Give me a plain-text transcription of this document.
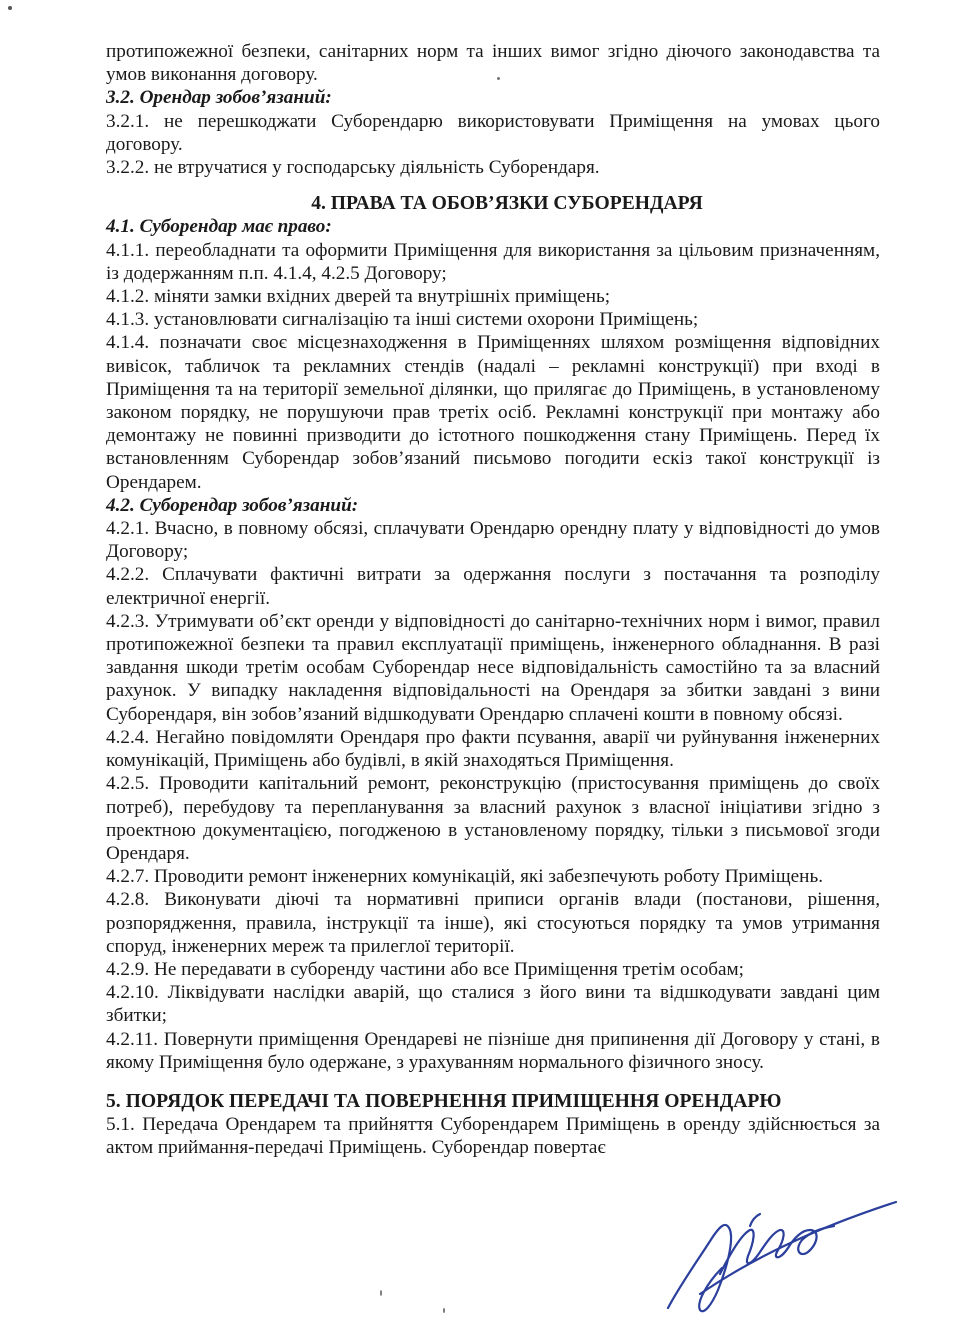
протипожежної безпеки, санітарних норм та інших вимог згідно діючого законодавства та умов виконання договору.

3.2. Орендар зобов’язаний:

3.2.1. не перешкоджати Суборендарю використовувати Приміщення на умовах цього договору.

3.2.2. не втручатися у господарську діяльність Суборендаря.

4. ПРАВА ТА ОБОВ’ЯЗКИ СУБОРЕНДАРЯ

4.1. Суборендар має право:

4.1.1. переобладнати та оформити Приміщення для використання за цільовим призначенням, із додержанням п.п. 4.1.4, 4.2.5 Договору;

4.1.2. міняти замки вхідних дверей та внутрішніх приміщень;

4.1.3. установлювати сигналізацію та інші системи охорони Приміщень;

4.1.4. позначати своє місцезнаходження в Приміщеннях шляхом розміщення відповідних вивісок, табличок та рекламних стендів (надалі – рекламні конструкції) при вході в Приміщення та на території земельної ділянки, що прилягає до Приміщень, в установленому законом порядку, не порушуючи прав третіх осіб. Рекламні конструкції при монтажу або демонтажу не повинні призводити до істотного пошкодження стану Приміщень. Перед їх встановленням Суборендар зобов’язаний письмово погодити ескіз такої конструкції із Орендарем.

4.2. Суборендар зобов’язаний:

4.2.1. Вчасно, в повному обсязі, сплачувати Орендарю орендну плату у відповідності до умов Договору;

4.2.2. Сплачувати фактичні витрати за одержання послуги з постачання та розподілу електричної енергії.

4.2.3. Утримувати об’єкт оренди у відповідності до санітарно-технічних норм і вимог, правил протипожежної безпеки та правил експлуатації приміщень, інженерного обладнання. В разі завдання шкоди третім особам Суборендар несе відповідальність самостійно та за власний рахунок. У випадку накладення відповідальності на Орендаря за збитки завдані з вини Суборендаря, він зобов’язаний відшкодувати Орендарю сплачені кошти в повному обсязі.

4.2.4. Негайно повідомляти Орендаря про факти псування, аварії чи руйнування інженерних комунікацій, Приміщень або будівлі, в якій знаходяться Приміщення.

4.2.5. Проводити капітальний ремонт, реконструкцію (пристосування приміщень до своїх потреб), перебудову та перепланування за власний рахунок з власної ініціативи згідно з проектною документацією, погодженою в установленому порядку, тільки з письмової згоди Орендаря.

4.2.7. Проводити ремонт інженерних комунікацій, які забезпечують роботу Приміщень.

4.2.8. Виконувати діючі та нормативні приписи органів влади (постанови, рішення, розпорядження, правила, інструкції та інше), які стосуються порядку та умов утримання споруд, інженерних мереж та прилеглої території.

4.2.9. Не передавати в суборенду частини або все Приміщення третім особам;

4.2.10. Ліквідувати наслідки аварій, що сталися з його вини та відшкодувати завдані цим збитки;

4.2.11. Повернути приміщення Орендареві не пізніше дня припинення дії Договору у стані, в якому Приміщення було одержане, з урахуванням нормального фізичного зносу.

5. ПОРЯДОК ПЕРЕДАЧІ ТА ПОВЕРНЕННЯ ПРИМІЩЕННЯ ОРЕНДАРЮ

5.1. Передача Орендарем та прийняття Суборендарем Приміщень в оренду здійснюється за актом приймання-передачі Приміщень. Суборендар повертає
